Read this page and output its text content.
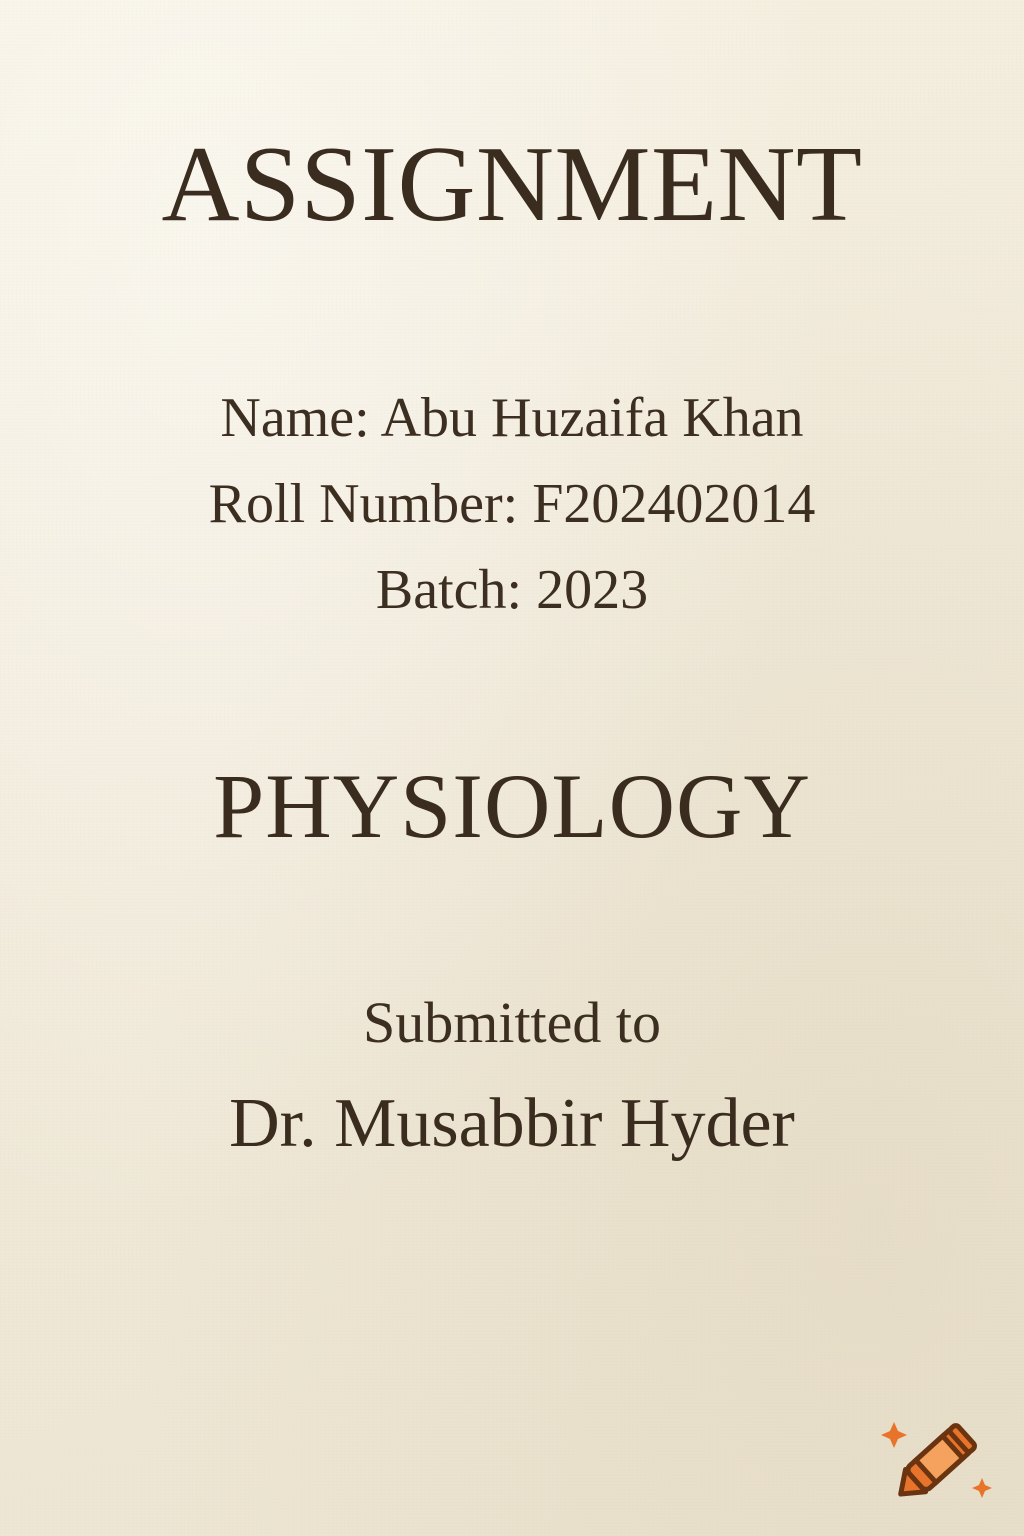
ASSIGNMENT
Name: Abu Huzaifa Khan
Roll Number: F202402014
Batch: 2023
PHYSIOLOGY
Submitted to
Dr. Musabbir Hyder
